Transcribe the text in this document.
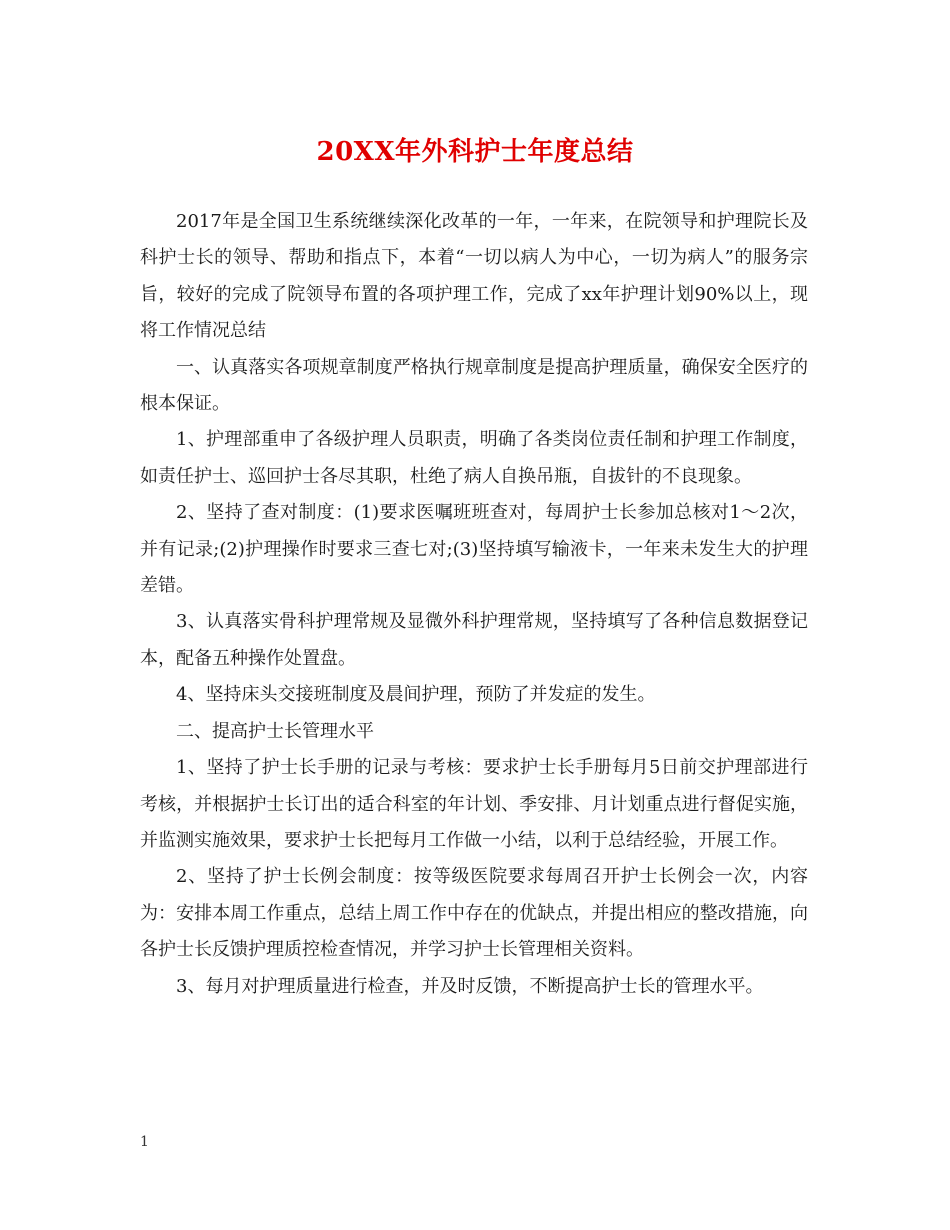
20XX年外科护士年度总结

2017年是全国卫生系统继续深化改革的一年，一年来，在院领导和护理院长及科护士长的领导、帮助和指点下，本着“一切以病人为中心，一切为病人”的服务宗旨，较好的完成了院领导布置的各项护理工作，完成了xx年护理计划90%以上，现将工作情况总结

一、认真落实各项规章制度严格执行规章制度是提高护理质量，确保安全医疗的根本保证。

1、护理部重申了各级护理人员职责，明确了各类岗位责任制和护理工作制度，如责任护士、巡回护士各尽其职，杜绝了病人自换吊瓶，自拔针的不良现象。

2、坚持了查对制度：(1)要求医嘱班班查对，每周护士长参加总核对1～2次，并有记录;(2)护理操作时要求三查七对;(3)坚持填写输液卡，一年来未发生大的护理差错。

3、认真落实骨科护理常规及显微外科护理常规，坚持填写了各种信息数据登记本，配备五种操作处置盘。

4、坚持床头交接班制度及晨间护理，预防了并发症的发生。

二、提高护士长管理水平

1、坚持了护士长手册的记录与考核：要求护士长手册每月5日前交护理部进行考核，并根据护士长订出的适合科室的年计划、季安排、月计划重点进行督促实施，并监测实施效果，要求护士长把每月工作做一小结，以利于总结经验，开展工作。

2、坚持了护士长例会制度：按等级医院要求每周召开护士长例会一次，内容为：安排本周工作重点，总结上周工作中存在的优缺点，并提出相应的整改措施，向各护士长反馈护理质控检查情况，并学习护士长管理相关资料。

3、每月对护理质量进行检查，并及时反馈，不断提高护士长的管理水平。

1
